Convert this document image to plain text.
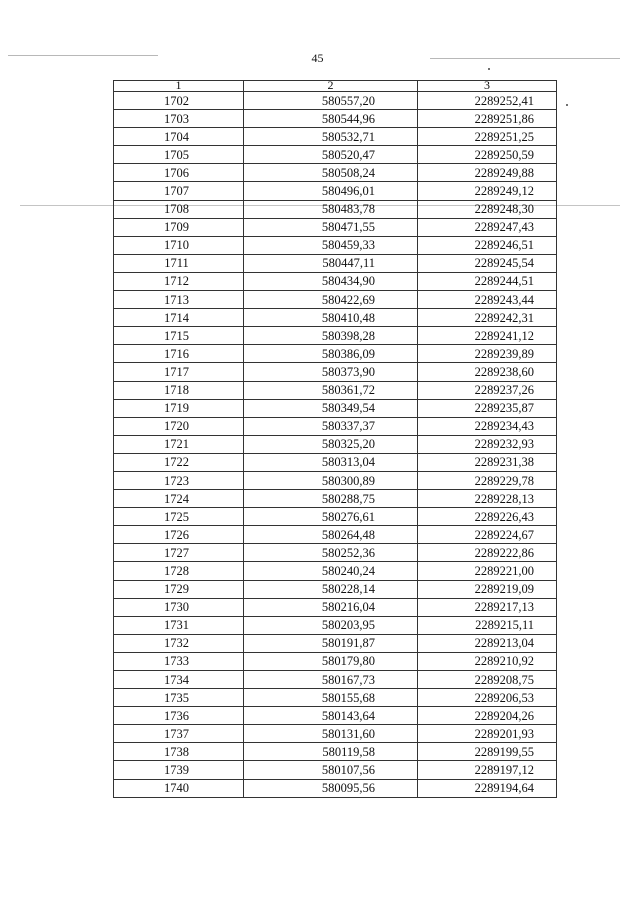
45
1	2	3
1702	580557,20	2289252,41
1703	580544,96	2289251,86
1704	580532,71	2289251,25
1705	580520,47	2289250,59
1706	580508,24	2289249,88
1707	580496,01	2289249,12
1708	580483,78	2289248,30
1709	580471,55	2289247,43
1710	580459,33	2289246,51
1711	580447,11	2289245,54
1712	580434,90	2289244,51
1713	580422,69	2289243,44
1714	580410,48	2289242,31
1715	580398,28	2289241,12
1716	580386,09	2289239,89
1717	580373,90	2289238,60
1718	580361,72	2289237,26
1719	580349,54	2289235,87
1720	580337,37	2289234,43
1721	580325,20	2289232,93
1722	580313,04	2289231,38
1723	580300,89	2289229,78
1724	580288,75	2289228,13
1725	580276,61	2289226,43
1726	580264,48	2289224,67
1727	580252,36	2289222,86
1728	580240,24	2289221,00
1729	580228,14	2289219,09
1730	580216,04	2289217,13
1731	580203,95	2289215,11
1732	580191,87	2289213,04
1733	580179,80	2289210,92
1734	580167,73	2289208,75
1735	580155,68	2289206,53
1736	580143,64	2289204,26
1737	580131,60	2289201,93
1738	580119,58	2289199,55
1739	580107,56	2289197,12
1740	580095,56	2289194,64
